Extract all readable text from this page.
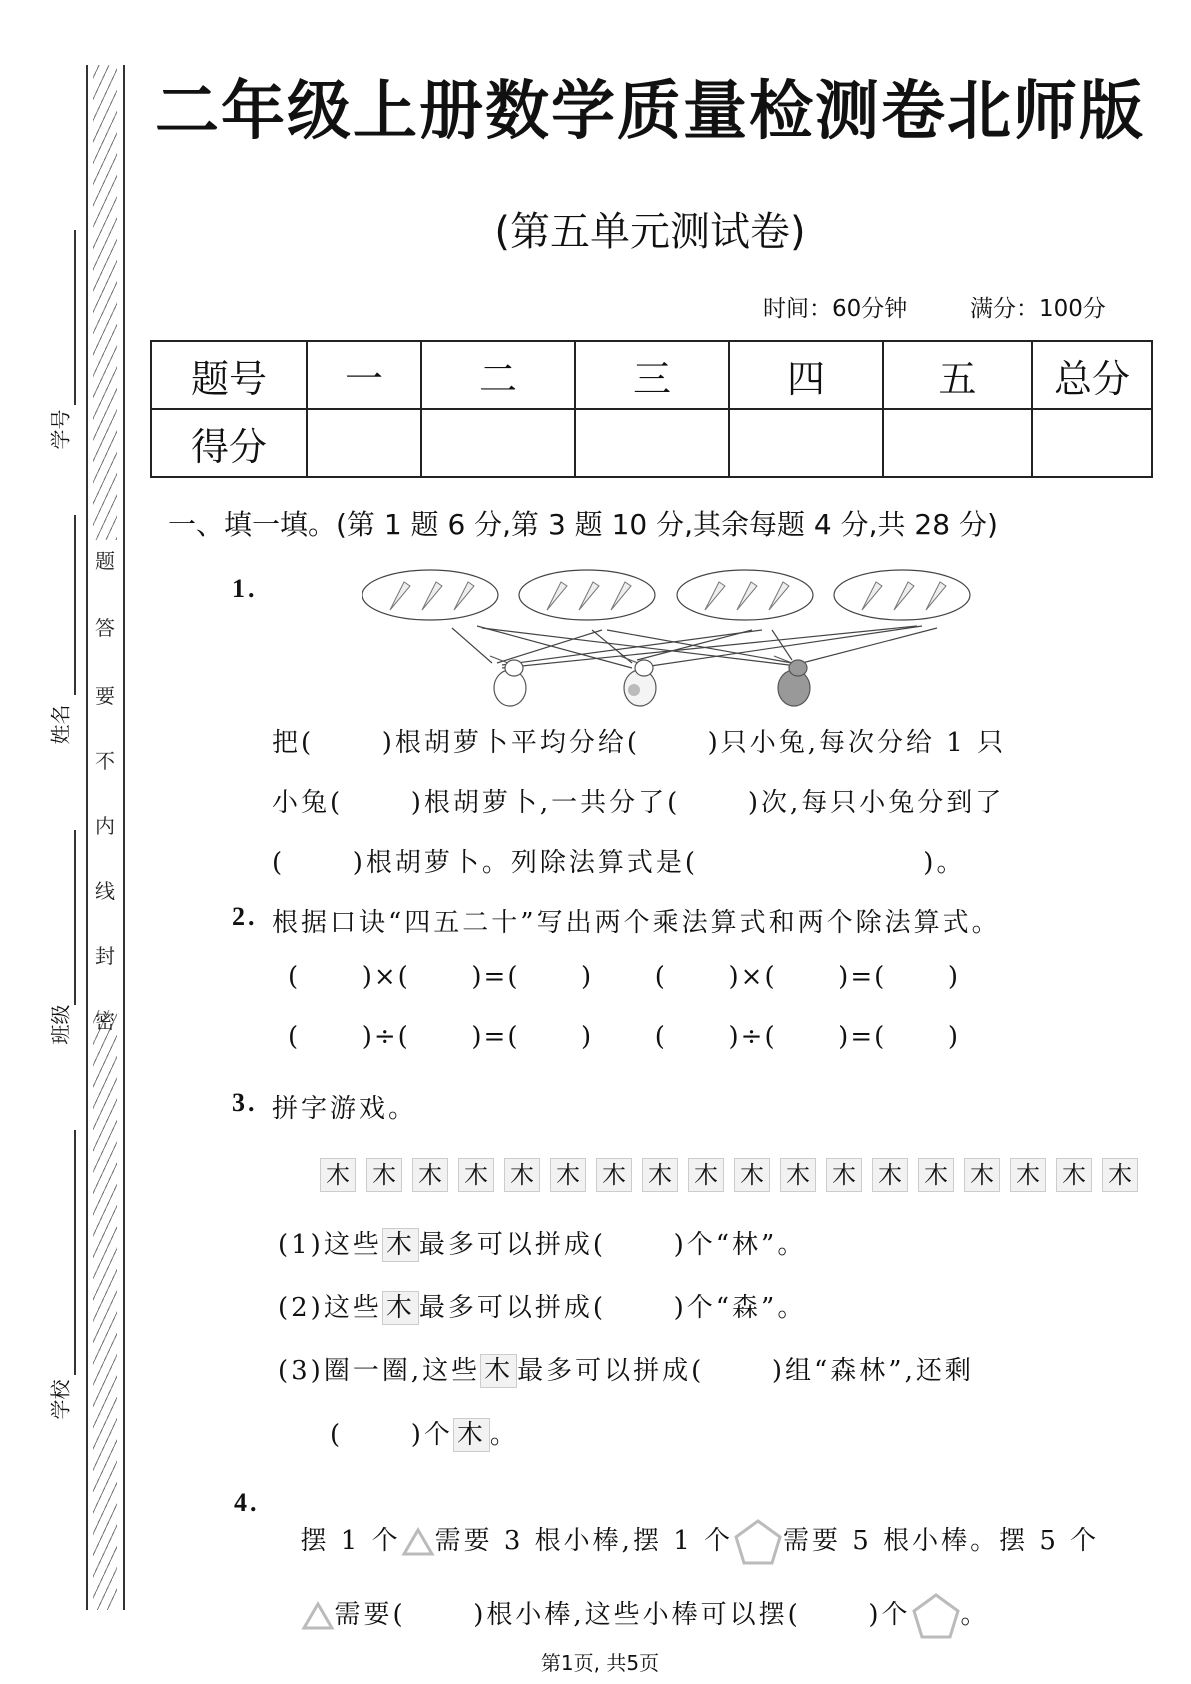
题
答
要
不
内
线
封
密
学号
姓名
班级
学校
二年级上册数学质量检测卷北师版
(第五单元测试卷)
时间：60分钟	满分：100分
题号	一	二	三	四	五	总分
得分						
一、填一填。(第 1 题 6 分,第 3 题 10 分,其余每题 4 分,共 28 分)
1.
把(      )根胡萝卜平均分给(      )只小兔,每次分给 1 只
小兔(      )根胡萝卜,一共分了(      )次,每只小兔分到了
(      )根胡萝卜。列除法算式是(                    )。
2. 根据口诀“四五二十”写出两个乘法算式和两个除法算式。
(      )×(      )=(      )      (      )×(      )=(      )
(      )÷(      )=(      )      (      )÷(      )=(      )
3. 拼字游戏。
木 木 木 木 木 木 木 木 木 木 木 木 木 木 木 木 木 木
(1)这些 木 最多可以拼成(      )个“林”。
(2)这些 木 最多可以拼成(      )个“森”。
(3)圈一圈,这些 木 最多可以拼成(      )组“森林”,还剩
(      )个 木 。
4.

摆 1 个 需要 3 根小棒,摆 1 个 需要 5 根小棒。摆 5 个

需要(      )根小棒,这些小棒可以摆(      )个 。

第1页, 共5页
